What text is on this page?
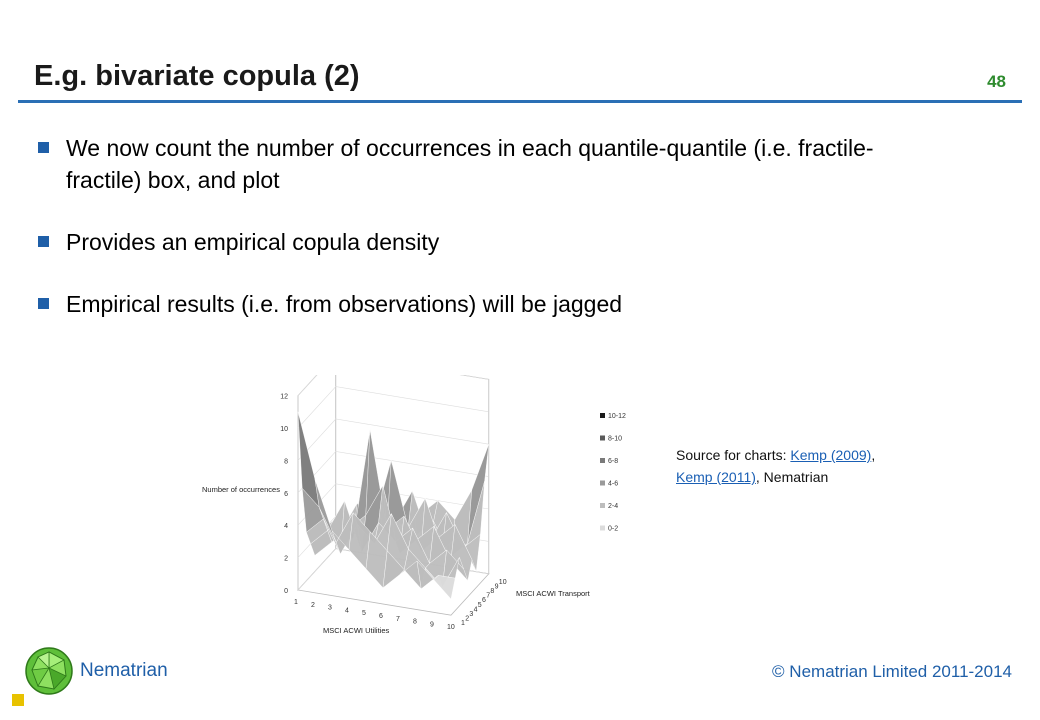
E.g. bivariate copula (2)	48
We now count the number of occurrences in each quantile-quantile (i.e. fractile-fractile) box, and plot
Provides an empirical copula density
Empirical results (i.e. from observations) will be jagged
0
2
4
6
8
10
12
1 2 3 4 5 6 7 8 9 10
1
2
3
4
5
6
7
8
9
10
MSCI ACWI Utilities
MSCI ACWI Transport
Number of occurrences
10-12
8-10
6-8
4-6
2-4
0-2
Source for charts: Kemp (2009),
Kemp (2011), Nematrian
Nematrian	© Nematrian Limited 2011-2014
